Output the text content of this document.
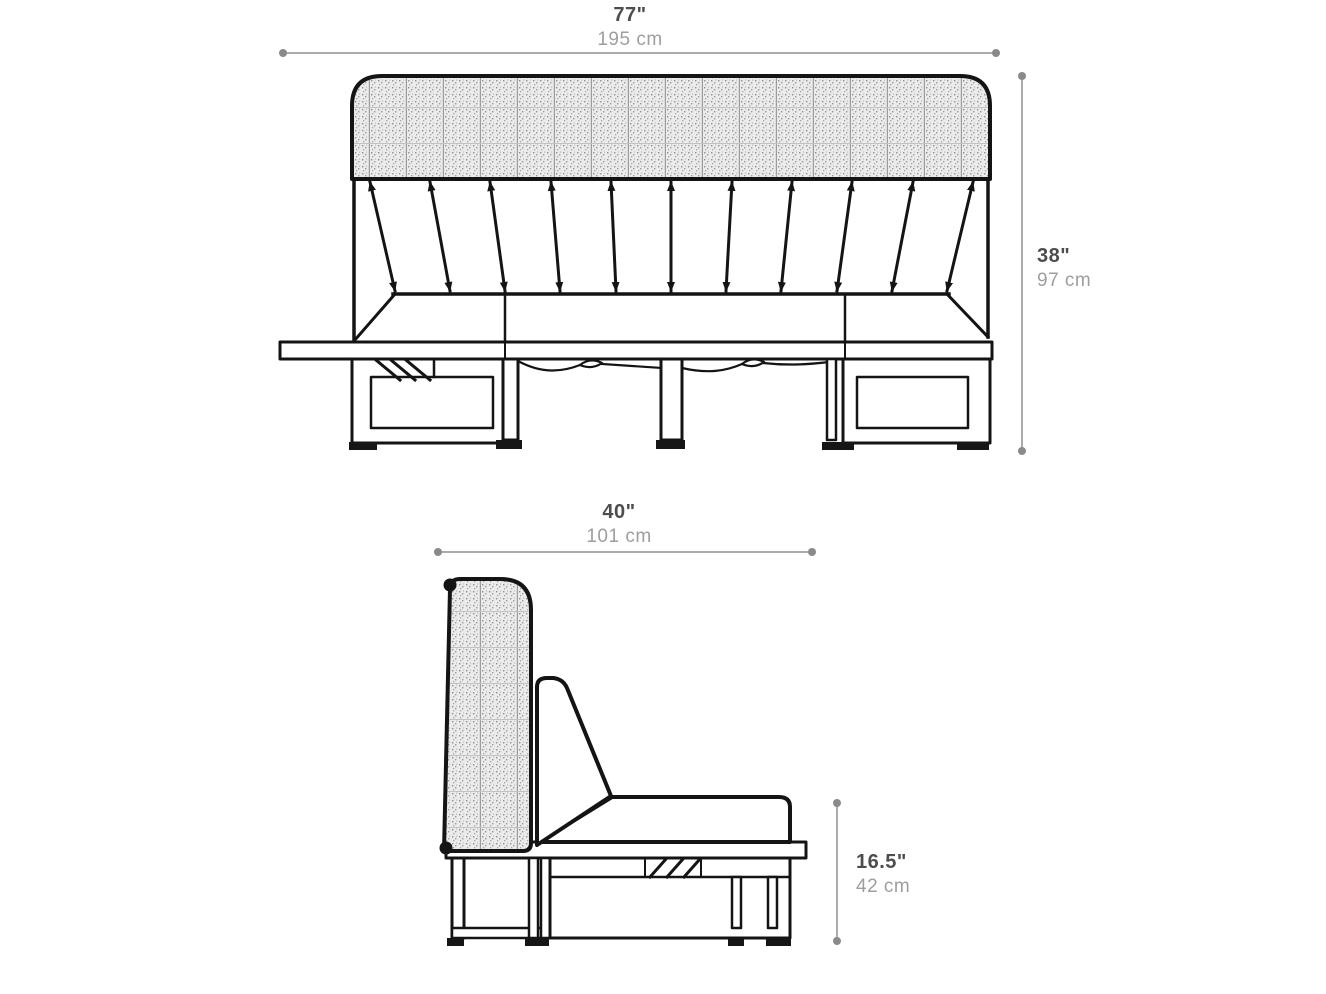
77"
195 cm
38"
97 cm
40"
101 cm
16.5"
42 cm
